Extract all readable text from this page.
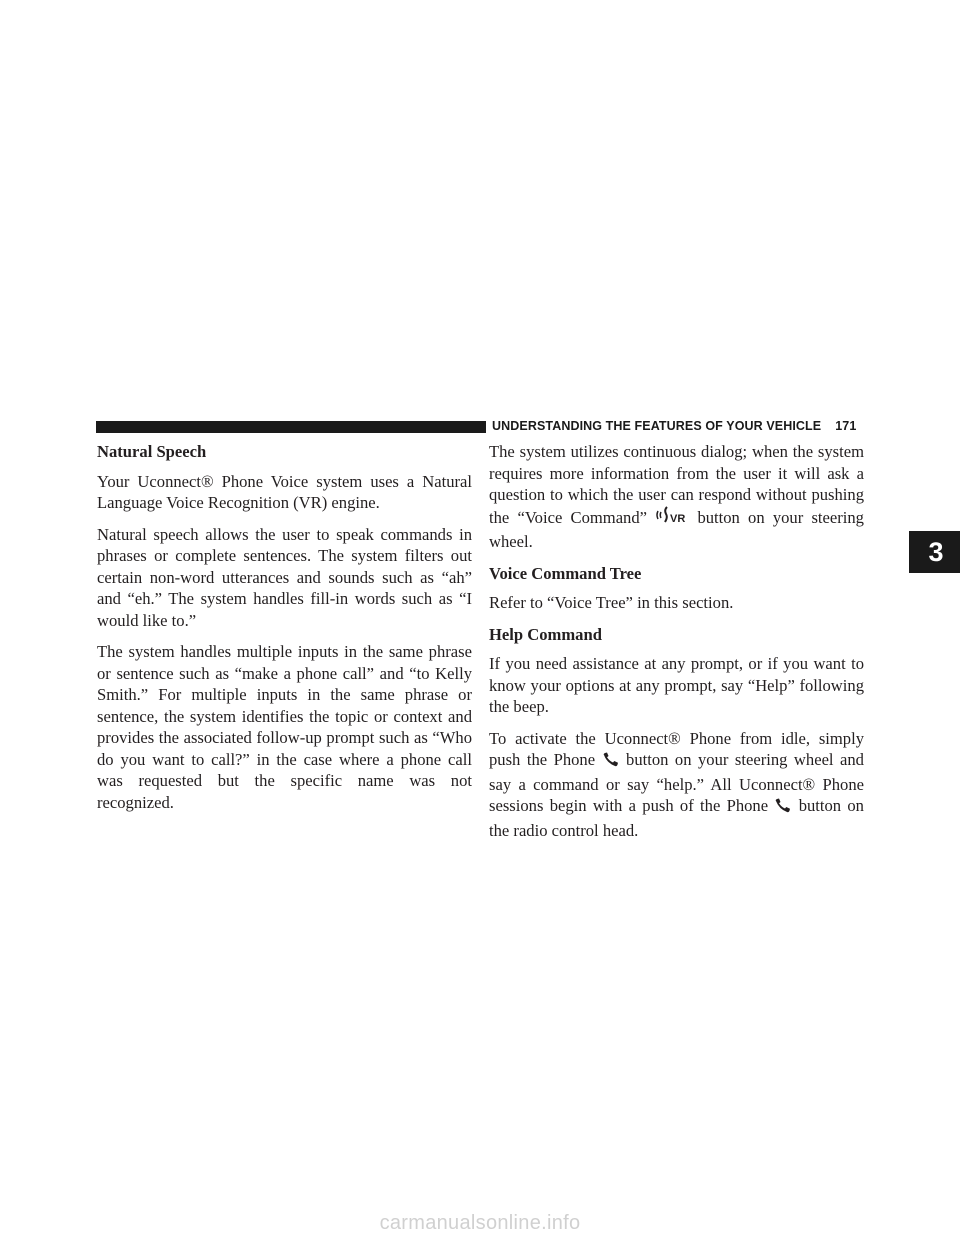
UNDERSTANDING THE FEATURES OF YOUR VEHICLE 171
Natural Speech

Your Uconnect® Phone Voice system uses a Natural Language Voice Recognition (VR) engine.

Natural speech allows the user to speak commands in phrases or complete sentences. The system filters out certain non-word utterances and sounds such as “ah” and “eh.” The system handles fill-in words such as “I would like to.”

The system handles multiple inputs in the same phrase or sentence such as “make a phone call” and “to Kelly Smith.” For multiple inputs in the same phrase or sentence, the system identifies the topic or context and provides the associated follow-up prompt such as “Who do you want to call?” in the case where a phone call was requested but the specific name was not recognized.

The system utilizes continuous dialog; when the system requires more information from the user it will ask a question to which the user can respond without pushing the “Voice Command” VR button on your steering wheel.

Voice Command Tree

Refer to “Voice Tree” in this section.

Help Command

If you need assistance at any prompt, or if you want to know your options at any prompt, say “Help” following the beep.

To activate the Uconnect® Phone from idle, simply push the Phone button on your steering wheel and say a command or say “help.” All Uconnect® Phone sessions begin with a push of the Phone button on the radio control head.

3
carmanualsonline.info
